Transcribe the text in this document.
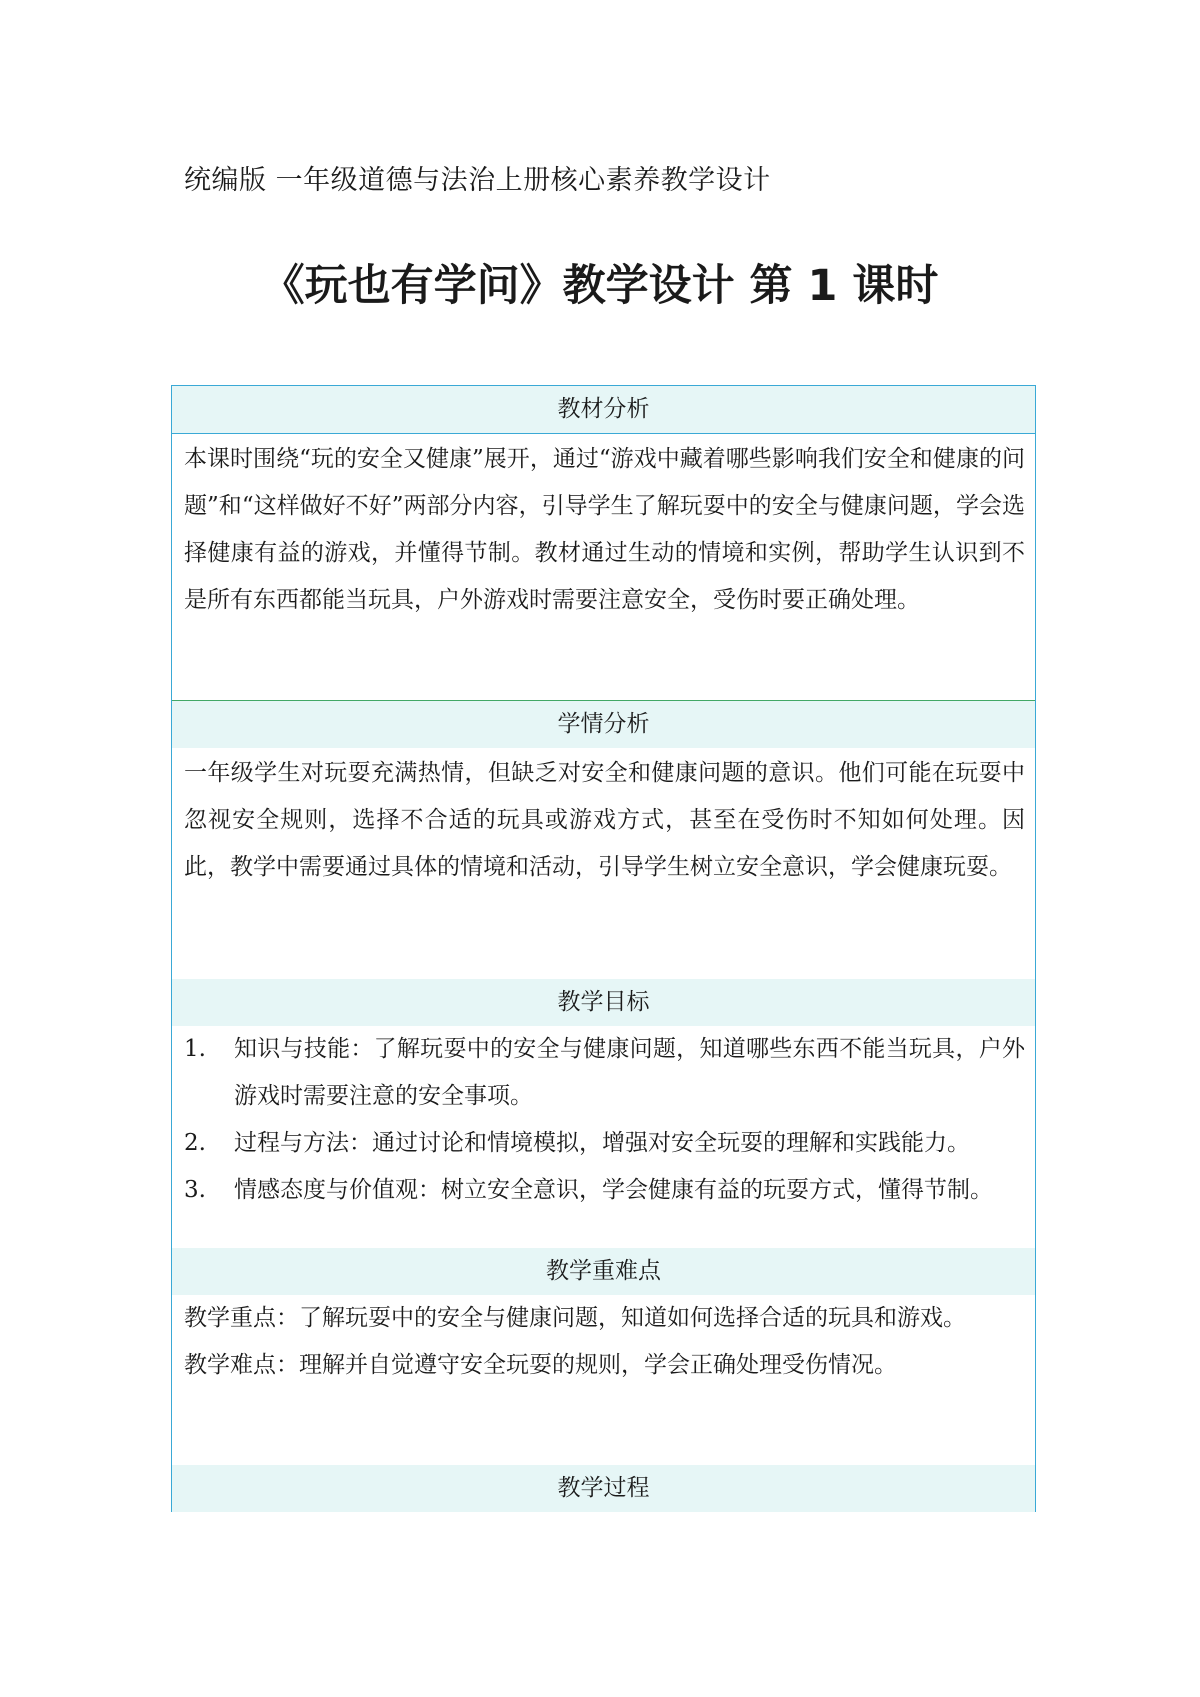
统编版 一年级道德与法治上册核心素养教学设计
《玩也有学问》教学设计 第 1 课时
教材分析
本课时围绕“玩的安全又健康”展开，通过“游戏中藏着哪些影响我们安全和健康的问题”和“这样做好不好”两部分内容，引导学生了解玩耍中的安全与健康问题，学会选择健康有益的游戏，并懂得节制。教材通过生动的情境和实例，帮助学生认识到不是所有东西都能当玩具，户外游戏时需要注意安全，受伤时要正确处理。
学情分析
一年级学生对玩耍充满热情，但缺乏对安全和健康问题的意识。他们可能在玩耍中忽视安全规则，选择不合适的玩具或游戏方式，甚至在受伤时不知如何处理。因此，教学中需要通过具体的情境和活动，引导学生树立安全意识，学会健康玩耍。
教学目标
1.	知识与技能：了解玩耍中的安全与健康问题，知道哪些东西不能当玩具，户外游戏时需要注意的安全事项。
2.	过程与方法：通过讨论和情境模拟，增强对安全玩耍的理解和实践能力。
3.	情感态度与价值观：树立安全意识，学会健康有益的玩耍方式，懂得节制。
教学重难点
教学重点：了解玩耍中的安全与健康问题，知道如何选择合适的玩具和游戏。
教学难点：理解并自觉遵守安全玩耍的规则，学会正确处理受伤情况。
教学过程
